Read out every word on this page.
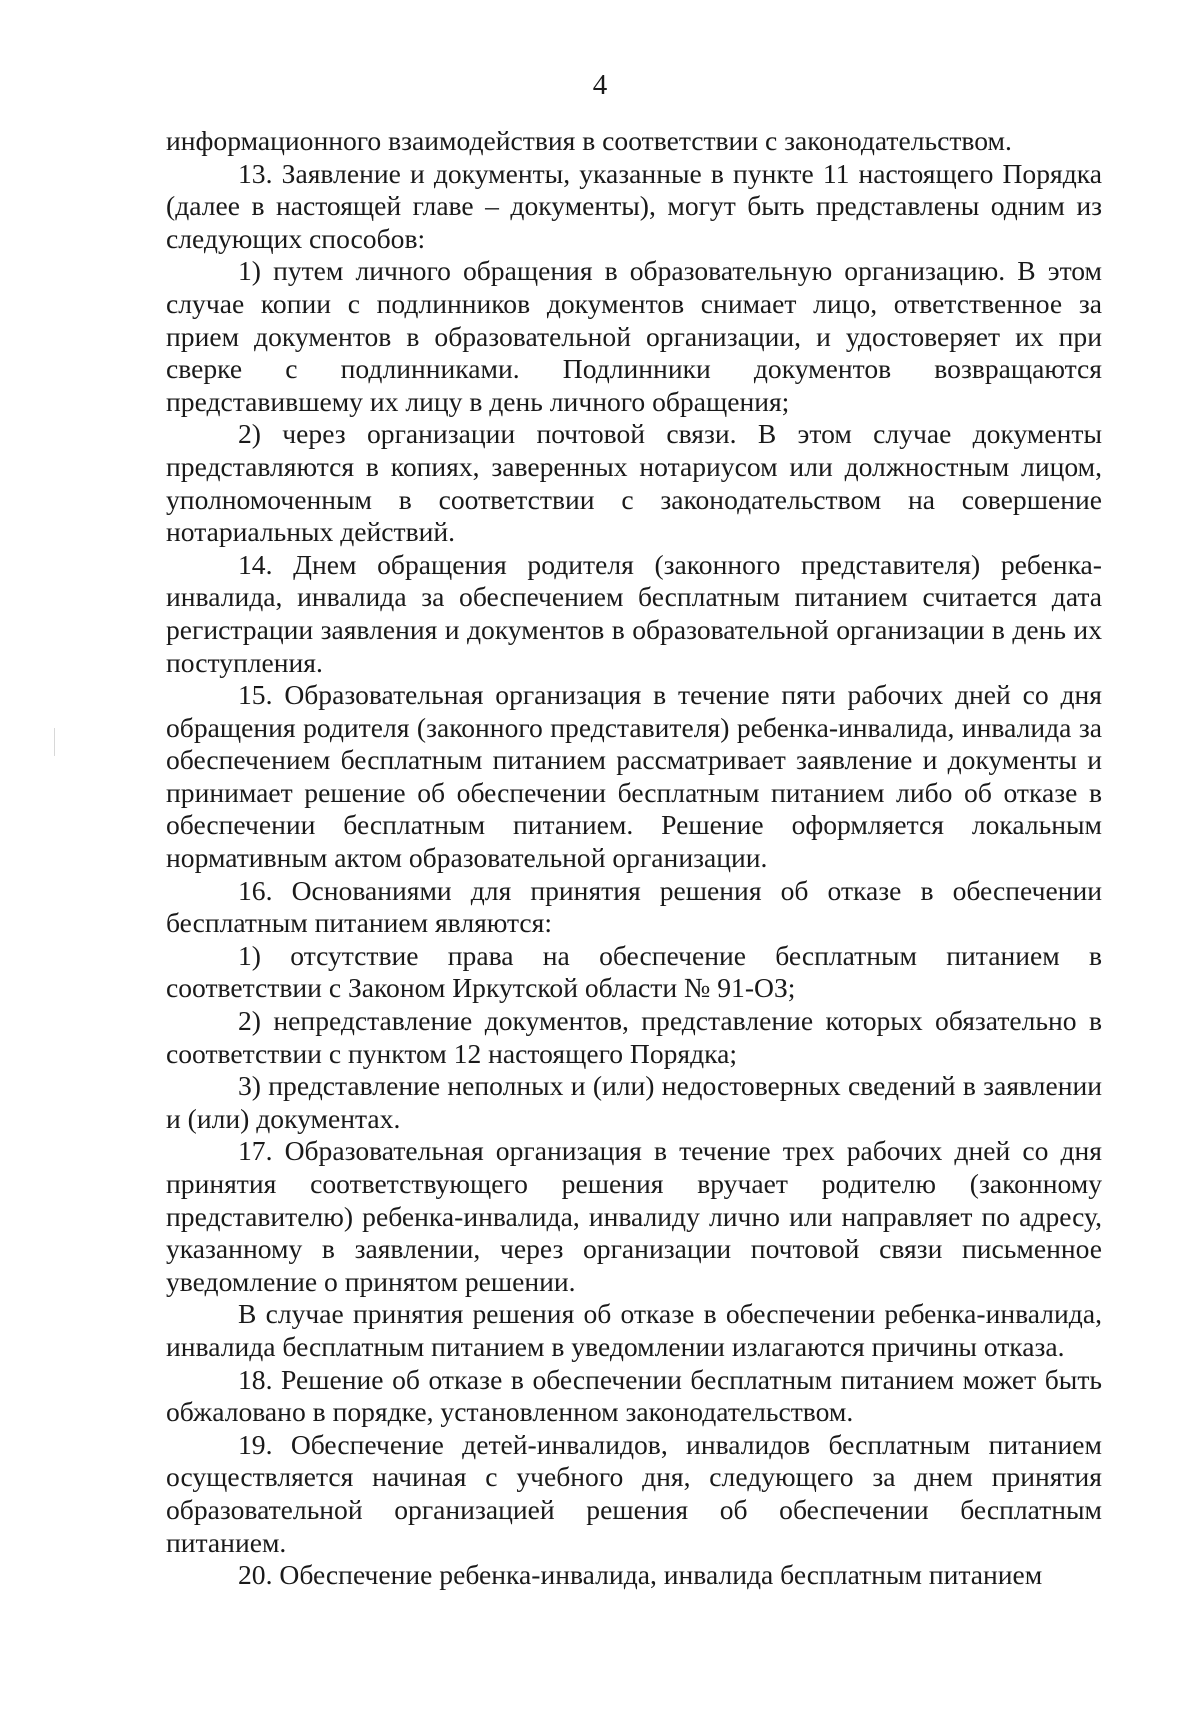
4

информационного взаимодействия в соответствии с законодательством.

13. Заявление и документы, указанные в пункте 11 настоящего Порядка (далее в настоящей главе – документы), могут быть представлены одним из следующих способов:

1) путем личного обращения в образовательную организацию. В этом случае копии с подлинников документов снимает лицо, ответственное за прием документов в образовательной организации, и удостоверяет их при сверке с подлинниками. Подлинники документов возвращаются представившему их лицу в день личного обращения;

2) через организации почтовой связи. В этом случае документы представляются в копиях, заверенных нотариусом или должностным лицом, уполномоченным в соответствии с законодательством на совершение нотариальных действий.

14. Днем обращения родителя (законного представителя) ребенка-инвалида, инвалида за обеспечением бесплатным питанием считается дата регистрации заявления и документов в образовательной организации в день их поступления.

15. Образовательная организация в течение пяти рабочих дней со дня обращения родителя (законного представителя) ребенка-инвалида, инвалида за обеспечением бесплатным питанием рассматривает заявление и документы и принимает решение об обеспечении бесплатным питанием либо об отказе в обеспечении бесплатным питанием. Решение оформляется локальным нормативным актом образовательной организации.

16. Основаниями для принятия решения об отказе в обеспечении бесплатным питанием являются:

1) отсутствие права на обеспечение бесплатным питанием в соответствии с Законом Иркутской области № 91-ОЗ;

2) непредставление документов, представление которых обязательно в соответствии с пунктом 12 настоящего Порядка;

3) представление неполных и (или) недостоверных сведений в заявлении и (или) документах.

17. Образовательная организация в течение трех рабочих дней со дня принятия соответствующего решения вручает родителю (законному представителю) ребенка-инвалида, инвалиду лично или направляет по адресу, указанному в заявлении, через организации почтовой связи письменное уведомление о принятом решении.

В случае принятия решения об отказе в обеспечении ребенка-инвалида, инвалида бесплатным питанием в уведомлении излагаются причины отказа.

18. Решение об отказе в обеспечении бесплатным питанием может быть обжаловано в порядке, установленном законодательством.

19. Обеспечение детей-инвалидов, инвалидов бесплатным питанием осуществляется начиная с учебного дня, следующего за днем принятия образовательной организацией решения об обеспечении бесплатным питанием.

20. Обеспечение ребенка-инвалида, инвалида бесплатным питанием
